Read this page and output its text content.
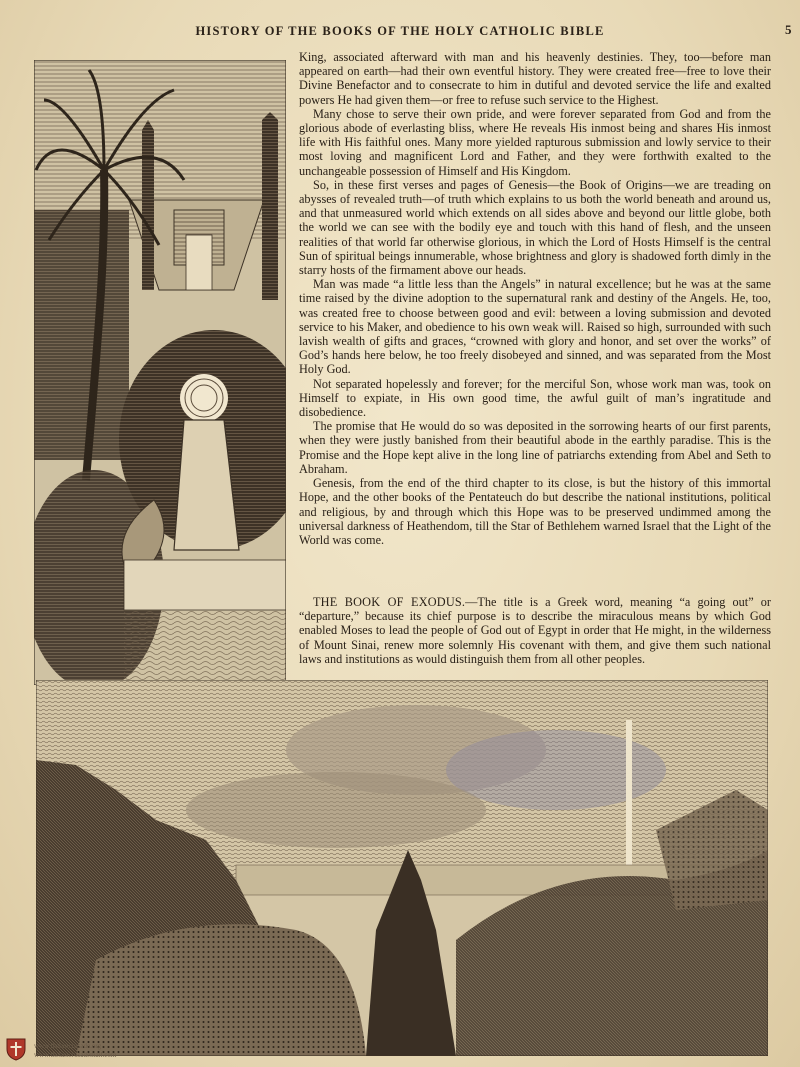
HISTORY OF THE BOOKS OF THE HOLY CATHOLIC BIBLE	5

King, associated afterward with man and his heavenly destinies. They, too—before man appeared on earth—had their own eventful history. They were created free—free to love their Divine Benefactor and to consecrate to him in dutiful and devoted service the life and exalted powers He had given them—or free to refuse such service to the Highest.

Many chose to serve their own pride, and were forever separated from God and from the glorious abode of everlasting bliss, where He reveals His inmost being and shares His inmost life with His faithful ones. Many more yielded rapturous submission and lowly service to their most loving and magnificent Lord and Father, and they were forthwith exalted to the unchangeable possession of Himself and His Kingdom.

So, in these first verses and pages of Genesis—the Book of Origins—we are treading on abysses of revealed truth—of truth which explains to us both the world beneath and around us, and that unmeasured world which extends on all sides above and beyond our little globe, both the world we can see with the bodily eye and touch with this hand of flesh, and the unseen realities of that world far otherwise glorious, in which the Lord of Hosts Himself is the central Sun of spiritual beings innumerable, whose brightness and glory is shadowed forth dimly in the starry hosts of the firmament above our heads.

Man was made “a little less than the Angels” in natural excellence; but he was at the same time raised by the divine adoption to the supernatural rank and destiny of the Angels. He, too, was created free to choose between good and evil: between a loving submission and devoted service to his Maker, and obedience to his own weak will. Raised so high, surrounded with such lavish wealth of gifts and graces, “crowned with glory and honor, and set over the works” of God’s hands here below, he too freely disobeyed and sinned, and was separated from the Most Holy God.

Not separated hopelessly and forever; for the merciful Son, whose work man was, took on Himself to expiate, in His own good time, the awful guilt of man’s ingratitude and disobedience.

The promise that He would do so was deposited in the sorrowing hearts of our first parents, when they were justly banished from their beautiful abode in the earthly paradise. This is the Promise and the Hope kept alive in the long line of patriarchs extending from Abel and Seth to Abraham.

Genesis, from the end of the third chapter to its close, is but the history of this immortal Hope, and the other books of the Pentateuch do but describe the national institutions, political and religious, by and through which this Hope was to be preserved undimmed among the universal darkness of Heathendom, till the Star of Bethlehem warned Israel that the Light of the World was come.

THE BOOK OF EXODUS.—The title is a Greek word, meaning “a going out” or “departure,” because its chief purpose is to describe the miraculous means by which God enabled Moses to lead the people of God out of Egypt in order that He might, in the wilderness of Mount Sinai, renew more solemnly His covenant with them, and give them such national laws and institutions as would distinguish them from all other peoples.
www.thelastcrusade.org
www.thelastcrusademail.com
